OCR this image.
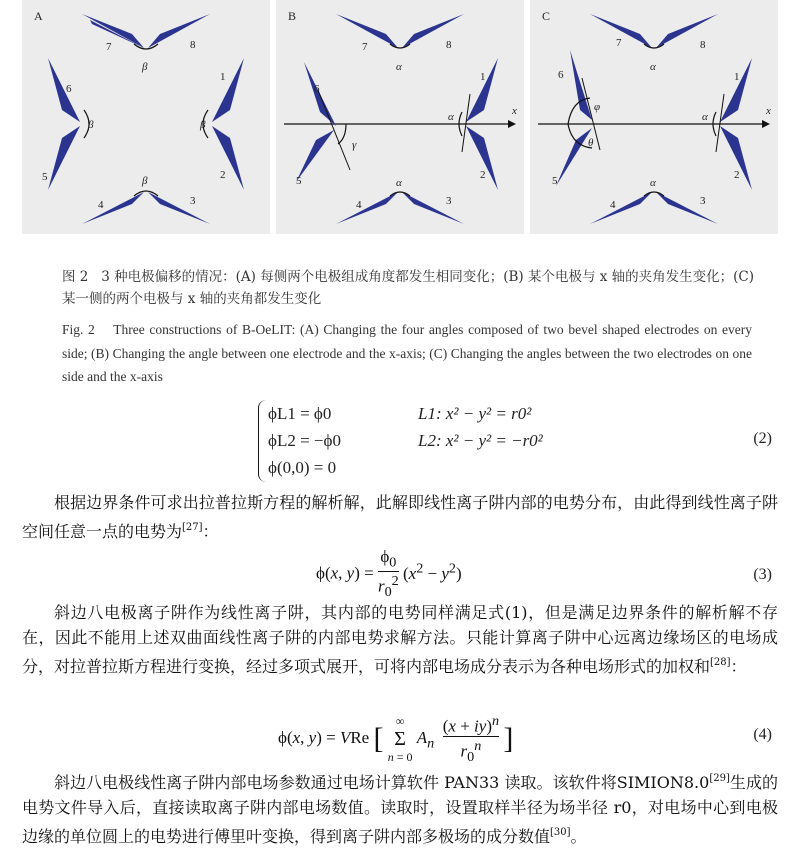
A
7	8
β
1
2
β
3
4
β
5
6
β
B
x
7	8
α
1
2
α
3
4
α
5
6
γ
C
x
7	8
α
1
2
α
3
4
α
φ
θ
5
6
图 2 3 种电极偏移的情况：(A) 每侧两个电极组成角度都发生相同变化；(B) 某个电极与 x 轴的夹角发生变化；(C) 某一侧的两个电极与 x 轴的夹角都发生变化
Fig. 2 Three constructions of B-OeLIT: (A) Changing the four angles composed of two bevel shaped electrodes on every side; (B) Changing the angle between one electrode and the x-axis; (C) Changing the angles between the two electrodes on one side and the x-axis
ϕL1 = ϕ0	L1: x² − y² = r0²
ϕL2 = −ϕ0	L2: x² − y² = −r0²
ϕ(0,0) = 0
(2)
根据边界条件可求出拉普拉斯方程的解析解，此解即线性离子阱内部的电势分布，由此得到线性离子阱空间任意一点的电势为[27]：
ϕ(x, $y) = \frac{\phi_0}{r_0^2} (x^2 - y^2)$	(3)
斜边八电极离子阱作为线性离子阱，其内部的电势同样满足式(1)，但是满足边界条件的解析解不存在，因此不能用上述双曲面线性离子阱的内部电势求解方法。只能计算离子阱中心远离边缘场区的电场成分，对拉普拉斯方程进行变换，经过多项式展开，可将内部电场成分表示为各种电场形式的加权和[28]：
ϕ(x, y) = VRe [
∞
Σ
n = 0
$A_n \frac{(x + iy)^n}{r_0^n}$ ]	(4)
斜边八电极线性离子阱内部电场参数通过电场计算软件 PAN33 读取。该软件将SIMION8.0[29]生成的电势文件导入后，直接读取离子阱内部电场数值。读取时，设置取样半径为场半径 r0，对电场中心到电极边缘的单位圆上的电势进行傅里叶变换，得到离子阱内部多极场的成分数值[30]。
